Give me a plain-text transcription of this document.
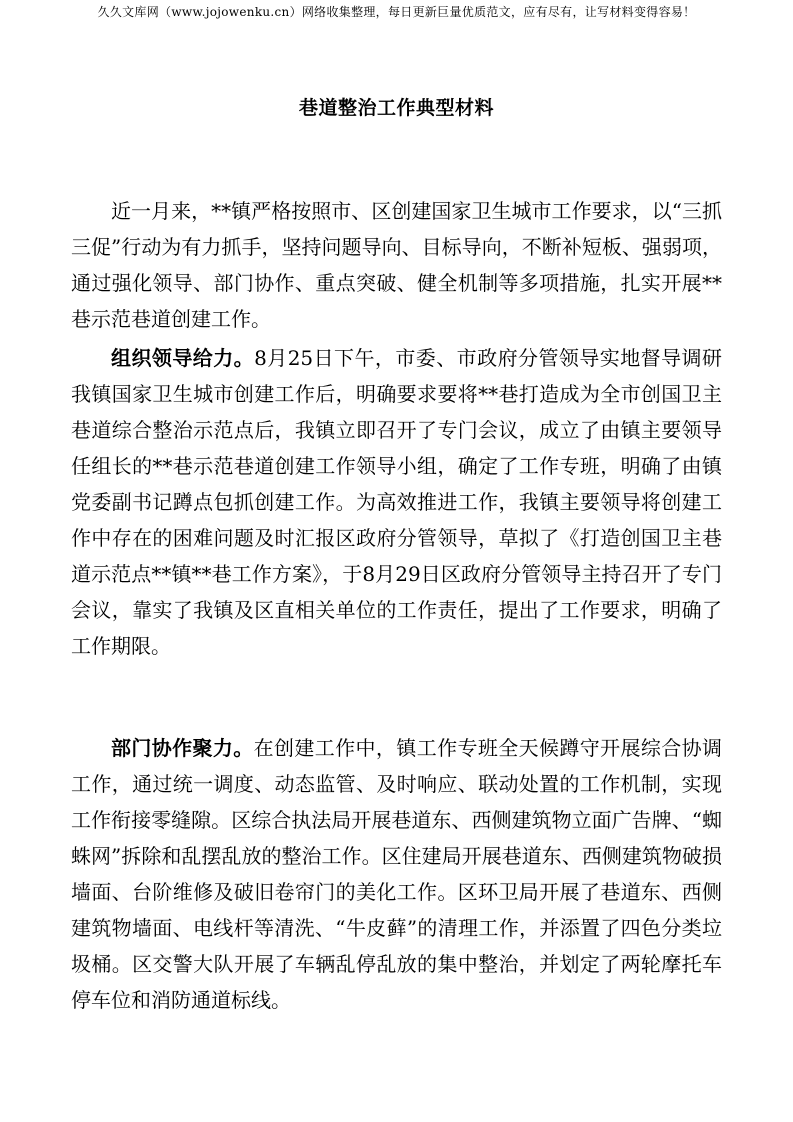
久久文库网（www.jojowenku.cn）网络收集整理，每日更新巨量优质范文，应有尽有，让写材料变得容易！
巷道整治工作典型材料

近一月来，**镇严格按照市、区创建国家卫生城市工作要求，以“三抓三促”行动为有力抓手，坚持问题导向、目标导向，不断补短板、强弱项，通过强化领导、部门协作、重点突破、健全机制等多项措施，扎实开展**巷示范巷道创建工作。

组织领导给力。8月25日下午，市委、市政府分管领导实地督导调研我镇国家卫生城市创建工作后，明确要求要将**巷打造成为全市创国卫主巷道综合整治示范点后，我镇立即召开了专门会议，成立了由镇主要领导任组长的**巷示范巷道创建工作领导小组，确定了工作专班，明确了由镇党委副书记蹲点包抓创建工作。为高效推进工作，我镇主要领导将创建工作中存在的困难问题及时汇报区政府分管领导，草拟了《打造创国卫主巷道示范点**镇**巷工作方案》，于8月29日区政府分管领导主持召开了专门会议，靠实了我镇及区直相关单位的工作责任，提出了工作要求，明确了工作期限。

部门协作聚力。在创建工作中，镇工作专班全天候蹲守开展综合协调工作，通过统一调度、动态监管、及时响应、联动处置的工作机制，实现工作衔接零缝隙。区综合执法局开展巷道东、西侧建筑物立面广告牌、“蜘蛛网”拆除和乱摆乱放的整治工作。区住建局开展巷道东、西侧建筑物破损墙面、台阶维修及破旧卷帘门的美化工作。区环卫局开展了巷道东、西侧建筑物墙面、电线杆等清洗、“牛皮藓”的清理工作，并添置了四色分类垃圾桶。区交警大队开展了车辆乱停乱放的集中整治，并划定了两轮摩托车停车位和消防通道标线。
